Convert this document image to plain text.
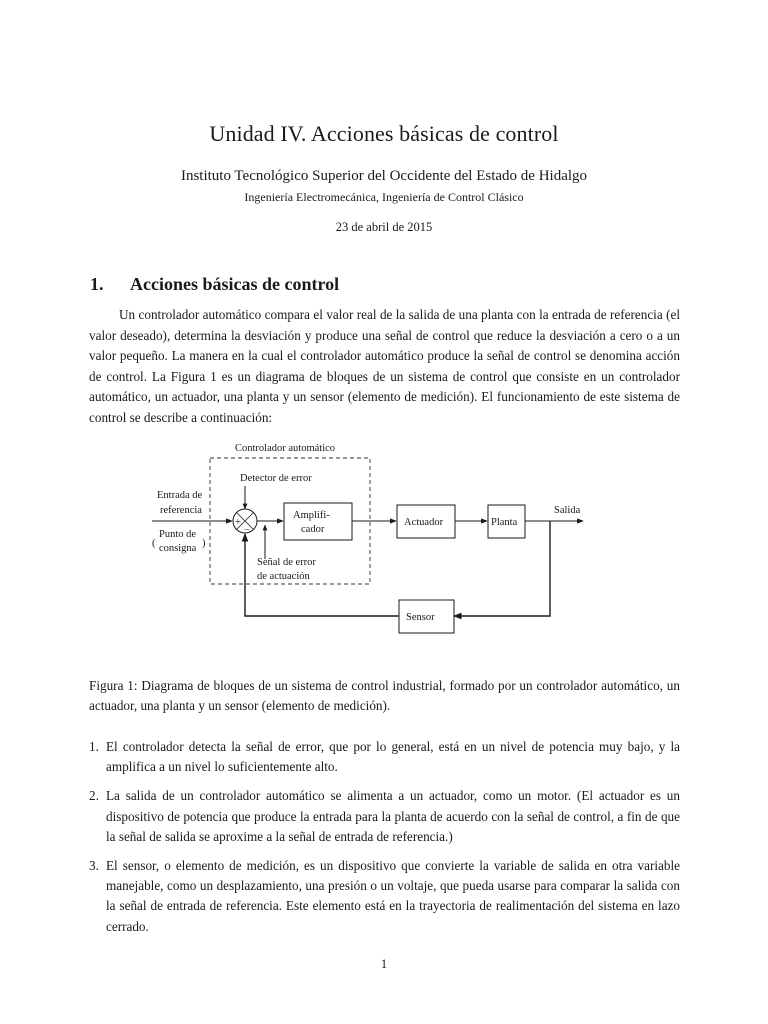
Unidad IV. Acciones básicas de control
Instituto Tecnológico Superior del Occidente del Estado de Hidalgo
Ingeniería Electromecánica, Ingeniería de Control Clásico
23 de abril de 2015
1. Acciones básicas de control
Un controlador automático compara el valor real de la salida de una planta con la entrada de referencia (el valor deseado), determina la desviación y produce una señal de control que reduce la desviación a cero o a un valor pequeño. La manera en la cual el controlador automático produce la señal de control se denomina acción de control. La Figura 1 es un diagrama de bloques de un sistema de control que consiste en un controlador automático, un actuador, una planta y un sensor (elemento de medición). El funcionamiento de este sistema de control se describe a continuación:
Controlador automático
Detector de error
Entrada de
referencia
(
Punto de
consigna )
+
−
Amplifi-
cador
Señal de error
de actuación
Actuador	Planta
Salida
Sensor
Figura 1: Diagrama de bloques de un sistema de control industrial, formado por un controlador automático, un actuador, una planta y un sensor (elemento de medición).
1. El controlador detecta la señal de error, que por lo general, está en un nivel de potencia muy bajo, y la amplifica a un nivel lo suficientemente alto.
2. La salida de un controlador automático se alimenta a un actuador, como un motor. (El actuador es un dispositivo de potencia que produce la entrada para la planta de acuerdo con la señal de control, a fin de que la señal de salida se aproxime a la señal de entrada de referencia.)
3. El sensor, o elemento de medición, es un dispositivo que convierte la variable de salida en otra variable manejable, como un desplazamiento, una presión o un voltaje, que pueda usarse para comparar la salida con la señal de entrada de referencia. Este elemento está en la trayectoria de realimentación del sistema en lazo cerrado.
1
